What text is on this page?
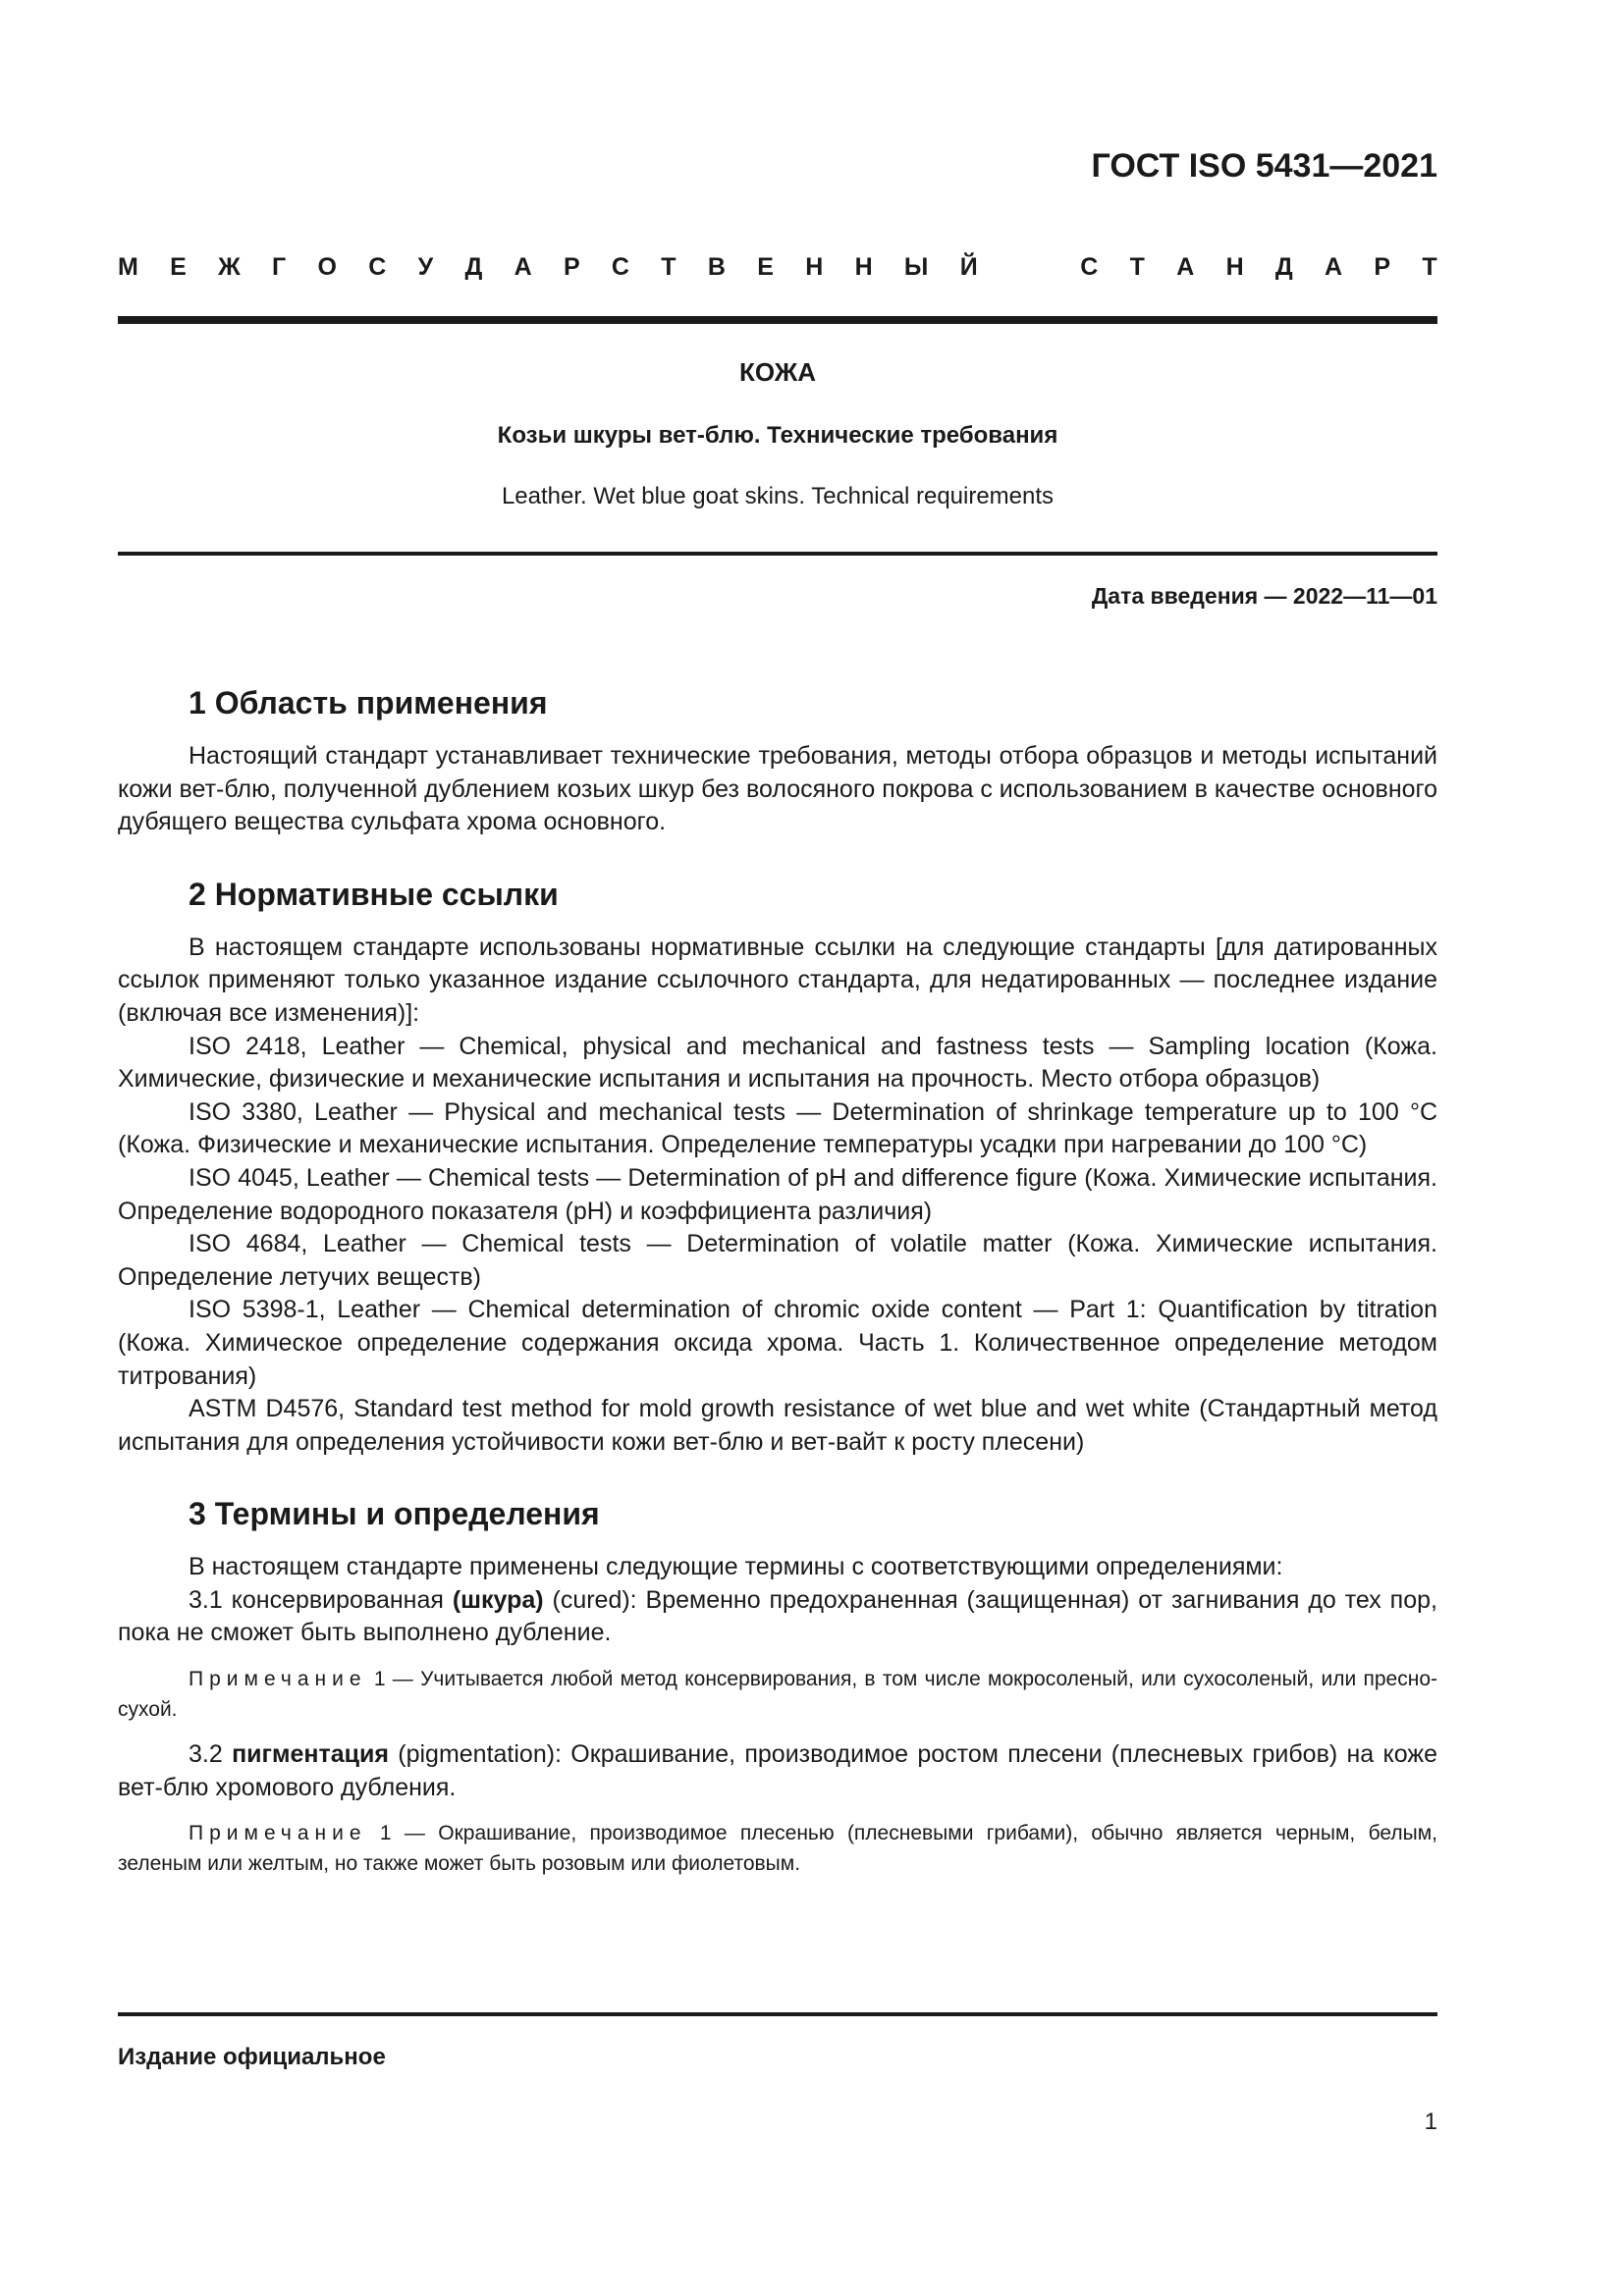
ГОСТ ISO 5431—2021
М Е Ж Г О С У Д А Р С Т В Е Н Н Ы Й	С Т А Н Д А Р Т
КОЖА
Козьи шкуры вет-блю. Технические требования
Leather. Wet blue goat skins. Technical requirements
Дата введения — 2022—11—01
1 Область применения

Настоящий стандарт устанавливает технические требования, методы отбора образцов и методы испытаний кожи вет-блю, полученной дублением козьих шкур без волосяного покрова с использованием в качестве основного дубящего вещества сульфата хрома основного.

2 Нормативные ссылки

В настоящем стандарте использованы нормативные ссылки на следующие стандарты [для датированных ссылок применяют только указанное издание ссылочного стандарта, для недатированных — последнее издание (включая все изменения)]:

ISO 2418, Leather — Chemical, physical and mechanical and fastness tests — Sampling location (Кожа. Химические, физические и механические испытания и испытания на прочность. Место отбора образцов)

ISO 3380, Leather — Physical and mechanical tests — Determination of shrinkage temperature up to 100 °C (Кожа. Физические и механические испытания. Определение температуры усадки при нагревании до 100 °C)

ISO 4045, Leather — Chemical tests — Determination of pH and difference figure (Кожа. Химические испытания. Определение водородного показателя (pH) и коэффициента различия)

ISO 4684, Leather — Chemical tests — Determination of volatile matter (Кожа. Химические испытания. Определение летучих веществ)

ISO 5398-1, Leather — Chemical determination of chromic oxide content — Part 1: Quantification by titration (Кожа. Химическое определение содержания оксида хрома. Часть 1. Количественное определение методом титрования)

ASTM D4576, Standard test method for mold growth resistance of wet blue and wet white (Стандартный метод испытания для определения устойчивости кожи вет-блю и вет-вайт к росту плесени)

3 Термины и определения

В настоящем стандарте применены следующие термины с соответствующими определениями:

3.1 консервированная (шкура) (cured): Временно предохраненная (защищенная) от загнивания до тех пор, пока не сможет быть выполнено дубление.

Примечание 1 — Учитывается любой метод консервирования, в том числе мокросоленый, или сухосоленый, или пресно-сухой.

3.2 пигментация (pigmentation): Окрашивание, производимое ростом плесени (плесневых грибов) на коже вет-блю хромового дубления.

Примечание 1 — Окрашивание, производимое плесенью (плесневыми грибами), обычно является черным, белым, зеленым или желтым, но также может быть розовым или фиолетовым.

Издание официальное
1
